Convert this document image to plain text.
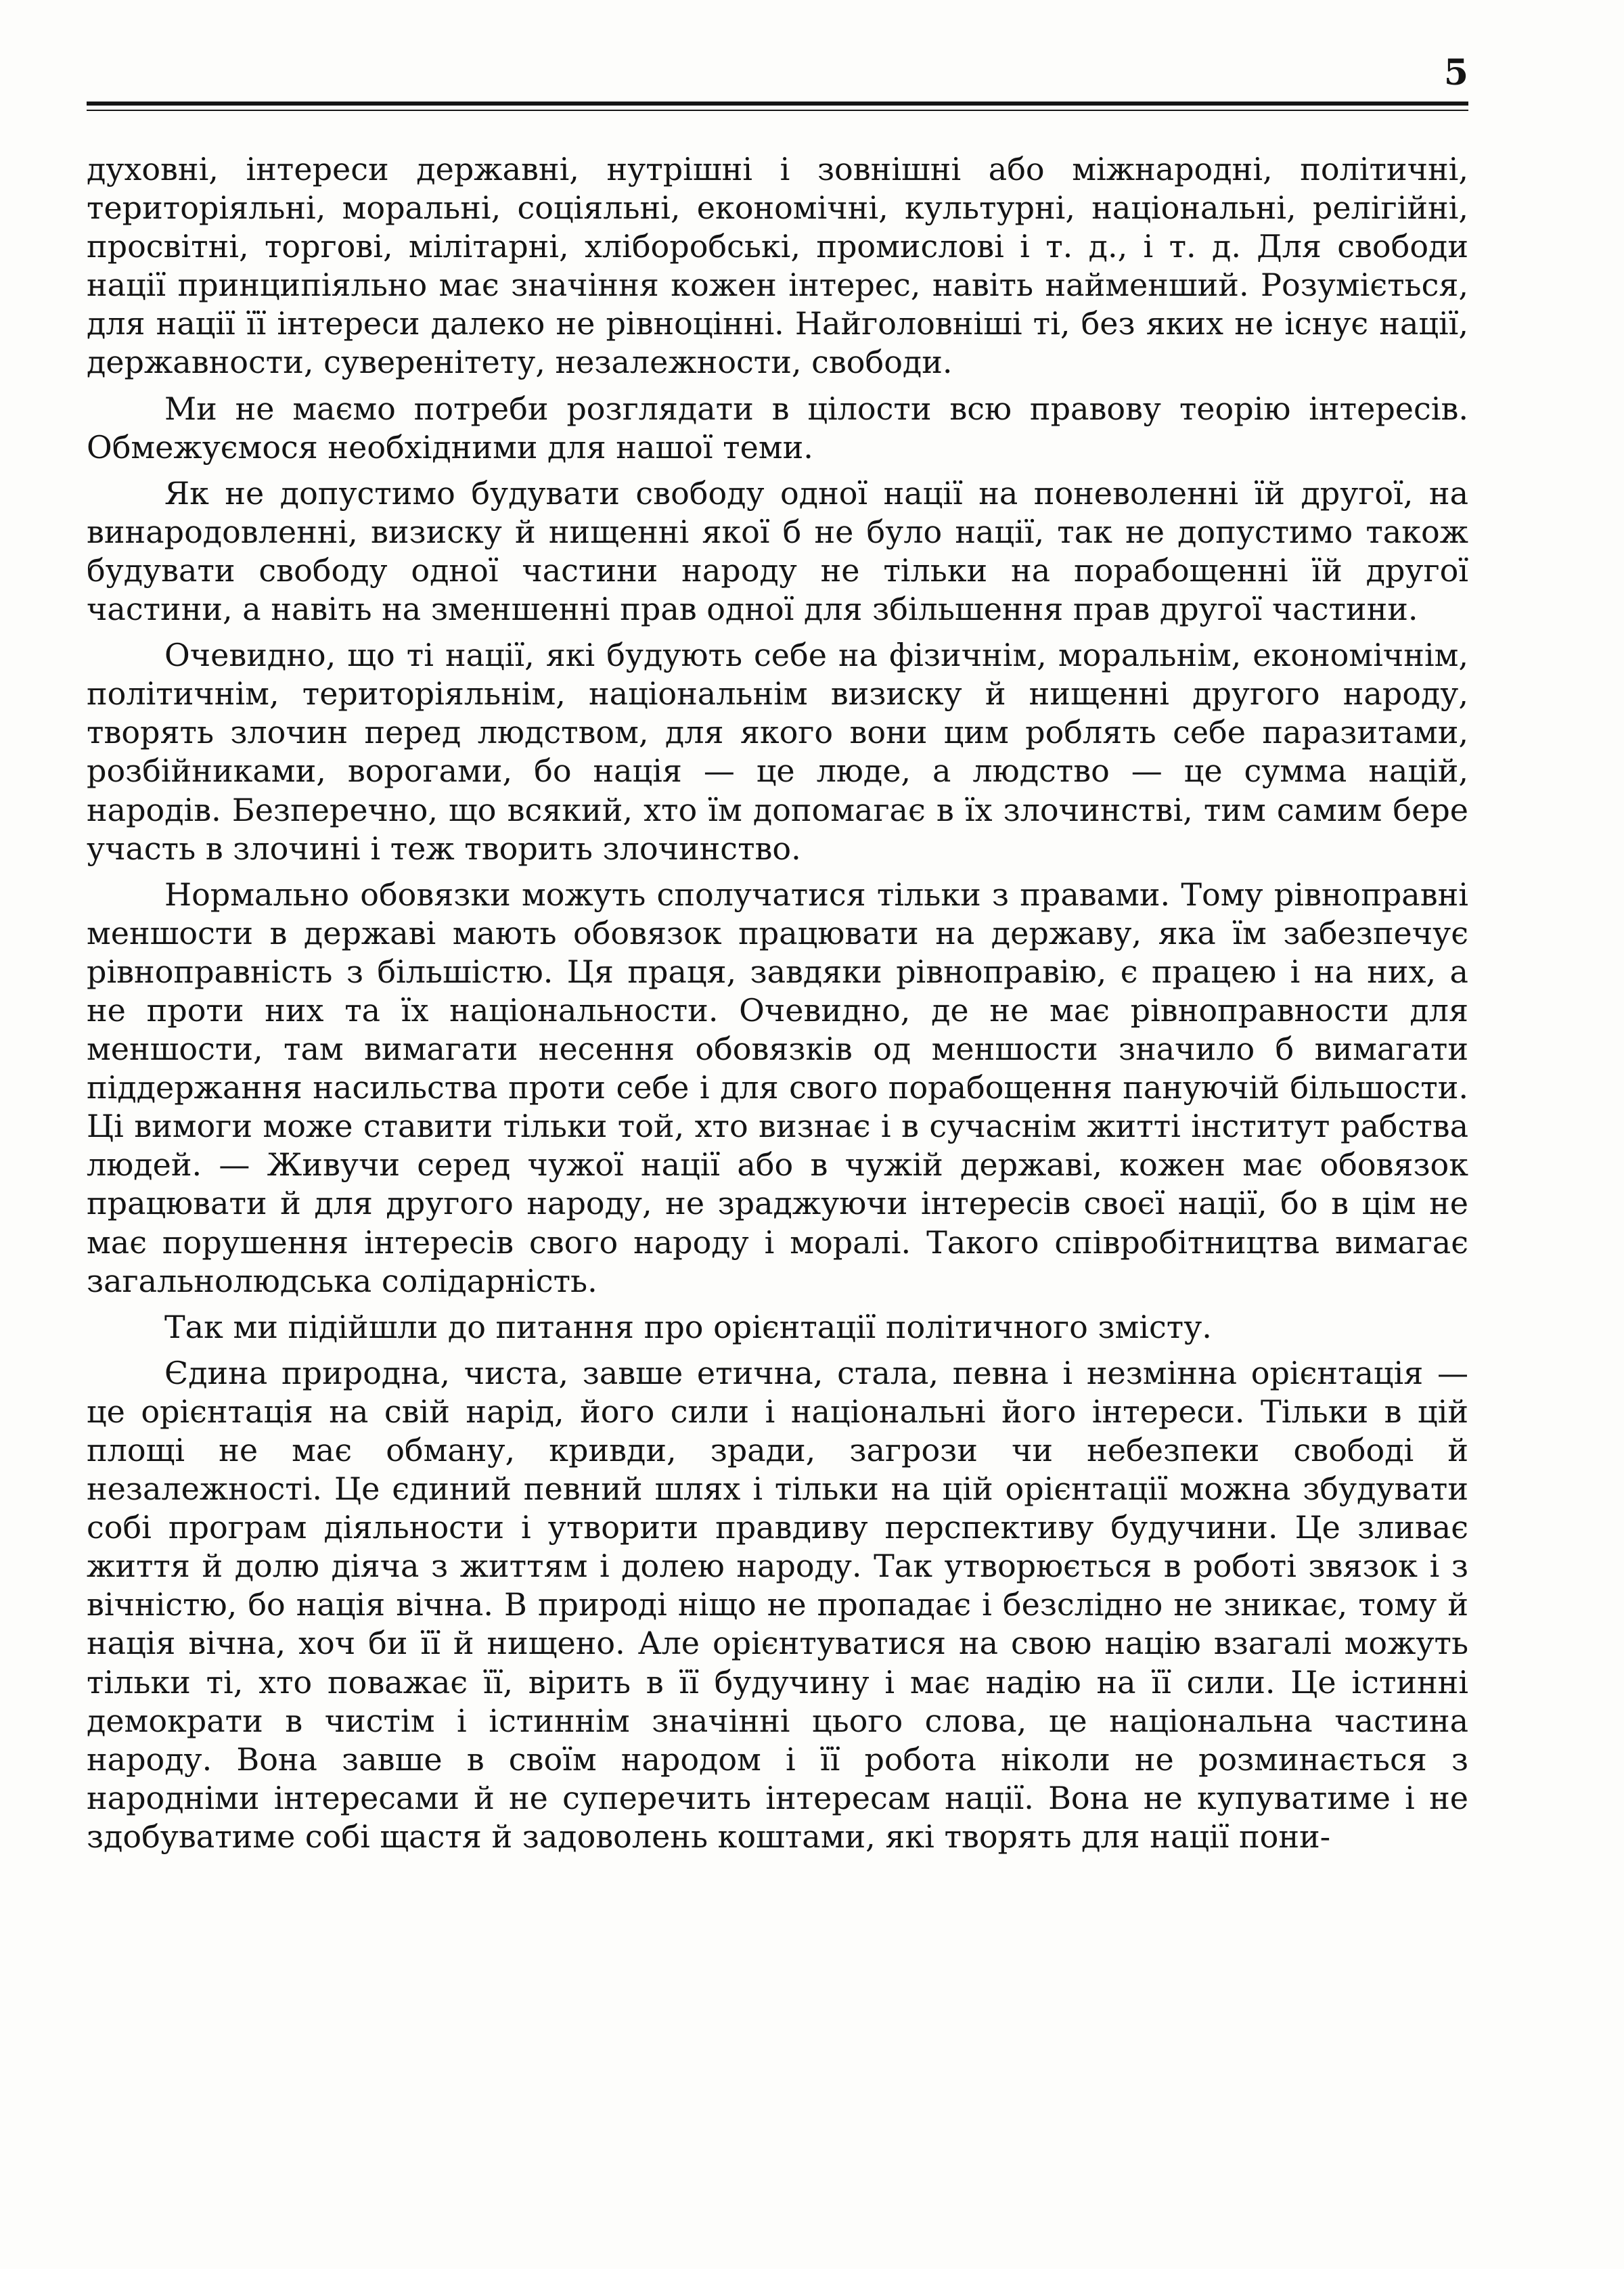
5

духовні, інтереси державні, нутрішні і зовнішні або міжнародні, політичні, територіяльні, моральні, соціяльні, економічні, культурні, національні, релігійні, просвітні, торгові, мілітарні, хліборобські, промислові і т. д., і т. д. Для свободи нації принципіяльно має значіння кожен інтерес, навіть найменший. Розуміється, для нації її інтереси далеко не рівноцінні. Найголовніші ті, без яких не існує нації, державности, суверенітету, незалежности, свободи.

Ми не маємо потреби розглядати в цілости всю правову теорію інтересів. Обмежуємося необхідними для нашої теми.

Як не допустимо будувати свободу одної нації на поневоленні їй другої, на винародовленні, визиску й нищенні якої б не було нації, так не допустимо також будувати свободу одної частини народу не тільки на порабощенні їй другої частини, а навіть на зменшенні прав одної для збільшення прав другої частини.

Очевидно, що ті нації, які будують себе на фізичнім, моральнім, економічнім, політичнім, територіяльнім, національнім визиску й нищенні другого народу, творять злочин перед людством, для якого вони цим роблять себе паразитами, розбійниками, ворогами, бо нація — це люде, а людство — це сумма націй, народів. Безперечно, що всякий, хто їм допомагає в їх злочинстві, тим самим бере участь в злочині і теж творить злочинство.

Нормально обовязки можуть сполучатися тільки з правами. Тому рівноправні меншости в державі мають обовязок працювати на державу, яка їм забезпечує рівноправність з більшістю. Ця праця, завдяки рівноправію, є працею і на них, а не проти них та їх національности. Очевидно, де не має рівноправности для меншости, там вимагати несення обовязків од меншости значило б вимагати піддержання насильства проти себе і для свого порабощення пануючій більшости. Ці вимоги може ставити тільки той, хто визнає і в сучаснім житті інститут рабства людей. — Живучи серед чужої нації або в чужій державі, кожен має обовязок працювати й для другого народу, не зраджуючи інтересів своєї нації, бо в цім не має порушення інтересів свого народу і моралі. Такого співробітництва вимагає загальнолюдська солідарність.

Так ми підійшли до питання про орієнтації політичного змісту.

Єдина природна, чиста, завше етична, стала, певна і незмінна орієнтація — це орієнтація на свій нарід, його сили і національні його інтереси. Тільки в цій площі не має обману, кривди, зради, загрози чи небезпеки свободі й незалежності. Це єдиний певний шлях і тільки на цій орієнтації можна збудувати собі програм діяльности і утворити правдиву перспективу будучини. Це зливає життя й долю діяча з життям і долею народу. Так утворюється в роботі звязок і з вічністю, бо нація вічна. В природі ніщо не пропадає і безслідно не зникає, тому й нація вічна, хоч би її й нищено. Але орієнтуватися на свою націю взагалі можуть тільки ті, хто поважає її, вірить в її будучину і має надію на її сили. Це істинні демократи в чистім і істиннім значінні цього слова, це національна частина народу. Вона завше в своїм народом і її робота ніколи не розминається з народніми інтересами й не суперечить інтересам нації. Вона не купуватиме і не здобуватиме собі щастя й задоволень коштами, які творять для нації пони-
